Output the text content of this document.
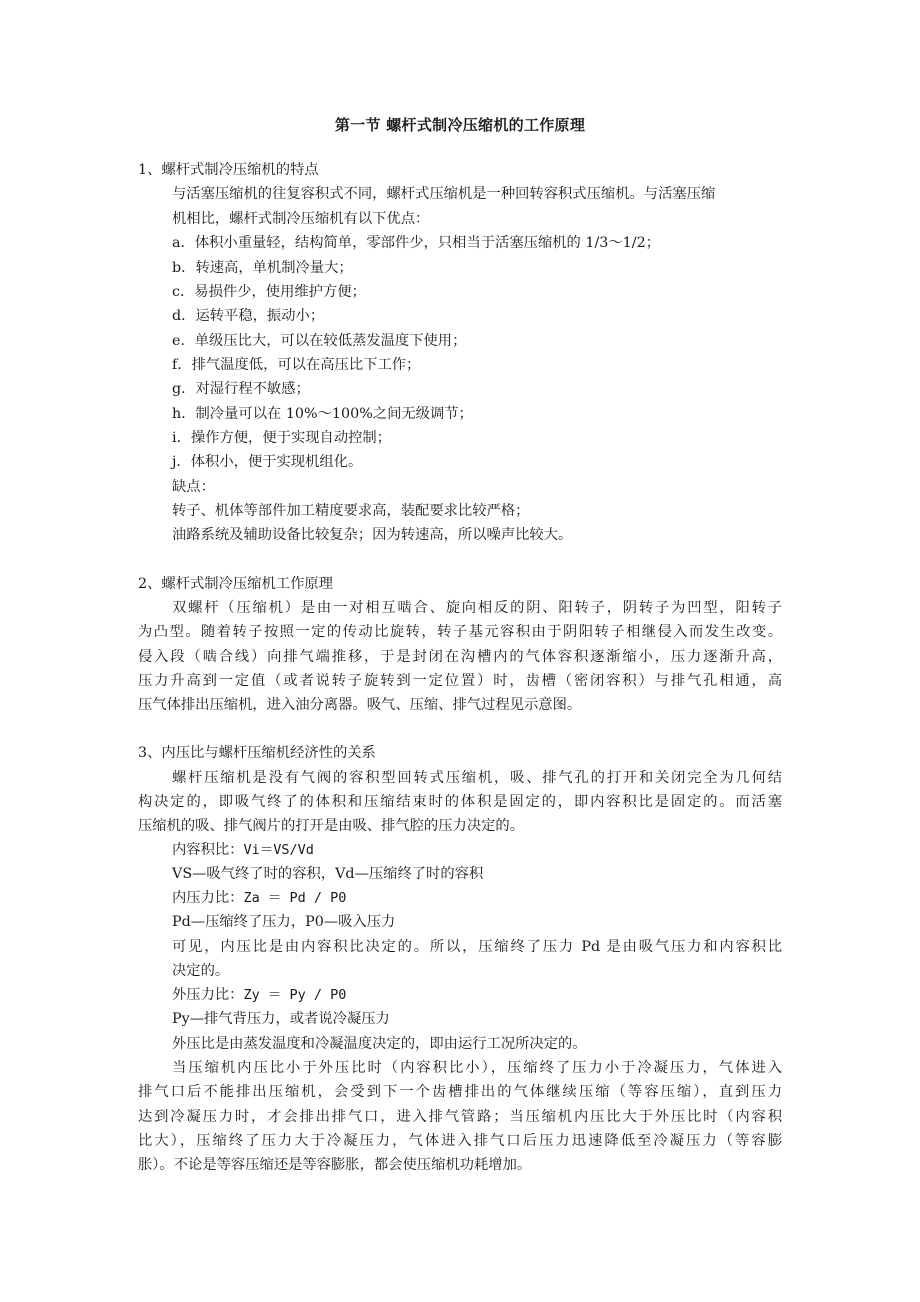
第一节 螺杆式制冷压缩机的工作原理
1、螺杆式制冷压缩机的特点
与活塞压缩机的往复容积式不同，螺杆式压缩机是一种回转容积式压缩机。与活塞压缩
机相比，螺杆式制冷压缩机有以下优点：
a．体积小重量轻，结构简单，零部件少，只相当于活塞压缩机的 1/3～1/2；
b．转速高，单机制冷量大；
c．易损件少，使用维护方便；
d．运转平稳，振动小；
e．单级压比大，可以在较低蒸发温度下使用；
f．排气温度低，可以在高压比下工作；
g．对湿行程不敏感；
h．制冷量可以在 10%～100%之间无级调节；
i．操作方便，便于实现自动控制；
j．体积小，便于实现机组化。
缺点：
转子、机体等部件加工精度要求高，装配要求比较严格；
油路系统及辅助设备比较复杂；因为转速高，所以噪声比较大。
2、螺杆式制冷压缩机工作原理
双螺杆（压缩机）是由一对相互啮合、旋向相反的阴、阳转子，阴转子为凹型，阳转子
为凸型。随着转子按照一定的传动比旋转，转子基元容积由于阴阳转子相继侵入而发生改变。
侵入段（啮合线）向排气端推移，于是封闭在沟槽内的气体容积逐渐缩小，压力逐渐升高，
压力升高到一定值（或者说转子旋转到一定位置）时，齿槽（密闭容积）与排气孔相通，高
压气体排出压缩机，进入油分离器。吸气、压缩、排气过程见示意图。
3、内压比与螺杆压缩机经济性的关系
螺杆压缩机是没有气阀的容积型回转式压缩机，吸、排气孔的打开和关闭完全为几何结
构决定的，即吸气终了的体积和压缩结束时的体积是固定的，即内容积比是固定的。而活塞
压缩机的吸、排气阀片的打开是由吸、排气腔的压力决定的。
内容积比：Vi＝VS/Vd
VS—吸气终了时的容积，Vd—压缩终了时的容积
内压力比：Za ＝ Pd / P0
Pd—压缩终了压力，P0—吸入压力
可见，内压比是由内容积比决定的。所以，压缩终了压力 Pd 是由吸气压力和内容积比
决定的。
外压力比：Zy ＝ Py / P0
Py—排气背压力，或者说冷凝压力
外压比是由蒸发温度和冷凝温度决定的，即由运行工况所决定的。
当压缩机内压比小于外压比时（内容积比小），压缩终了压力小于冷凝压力，气体进入
排气口后不能排出压缩机，会受到下一个齿槽排出的气体继续压缩（等容压缩），直到压力
达到冷凝压力时，才会排出排气口，进入排气管路；当压缩机内压比大于外压比时（内容积
比大），压缩终了压力大于冷凝压力，气体进入排气口后压力迅速降低至冷凝压力（等容膨
胀）。不论是等容压缩还是等容膨胀，都会使压缩机功耗增加。
